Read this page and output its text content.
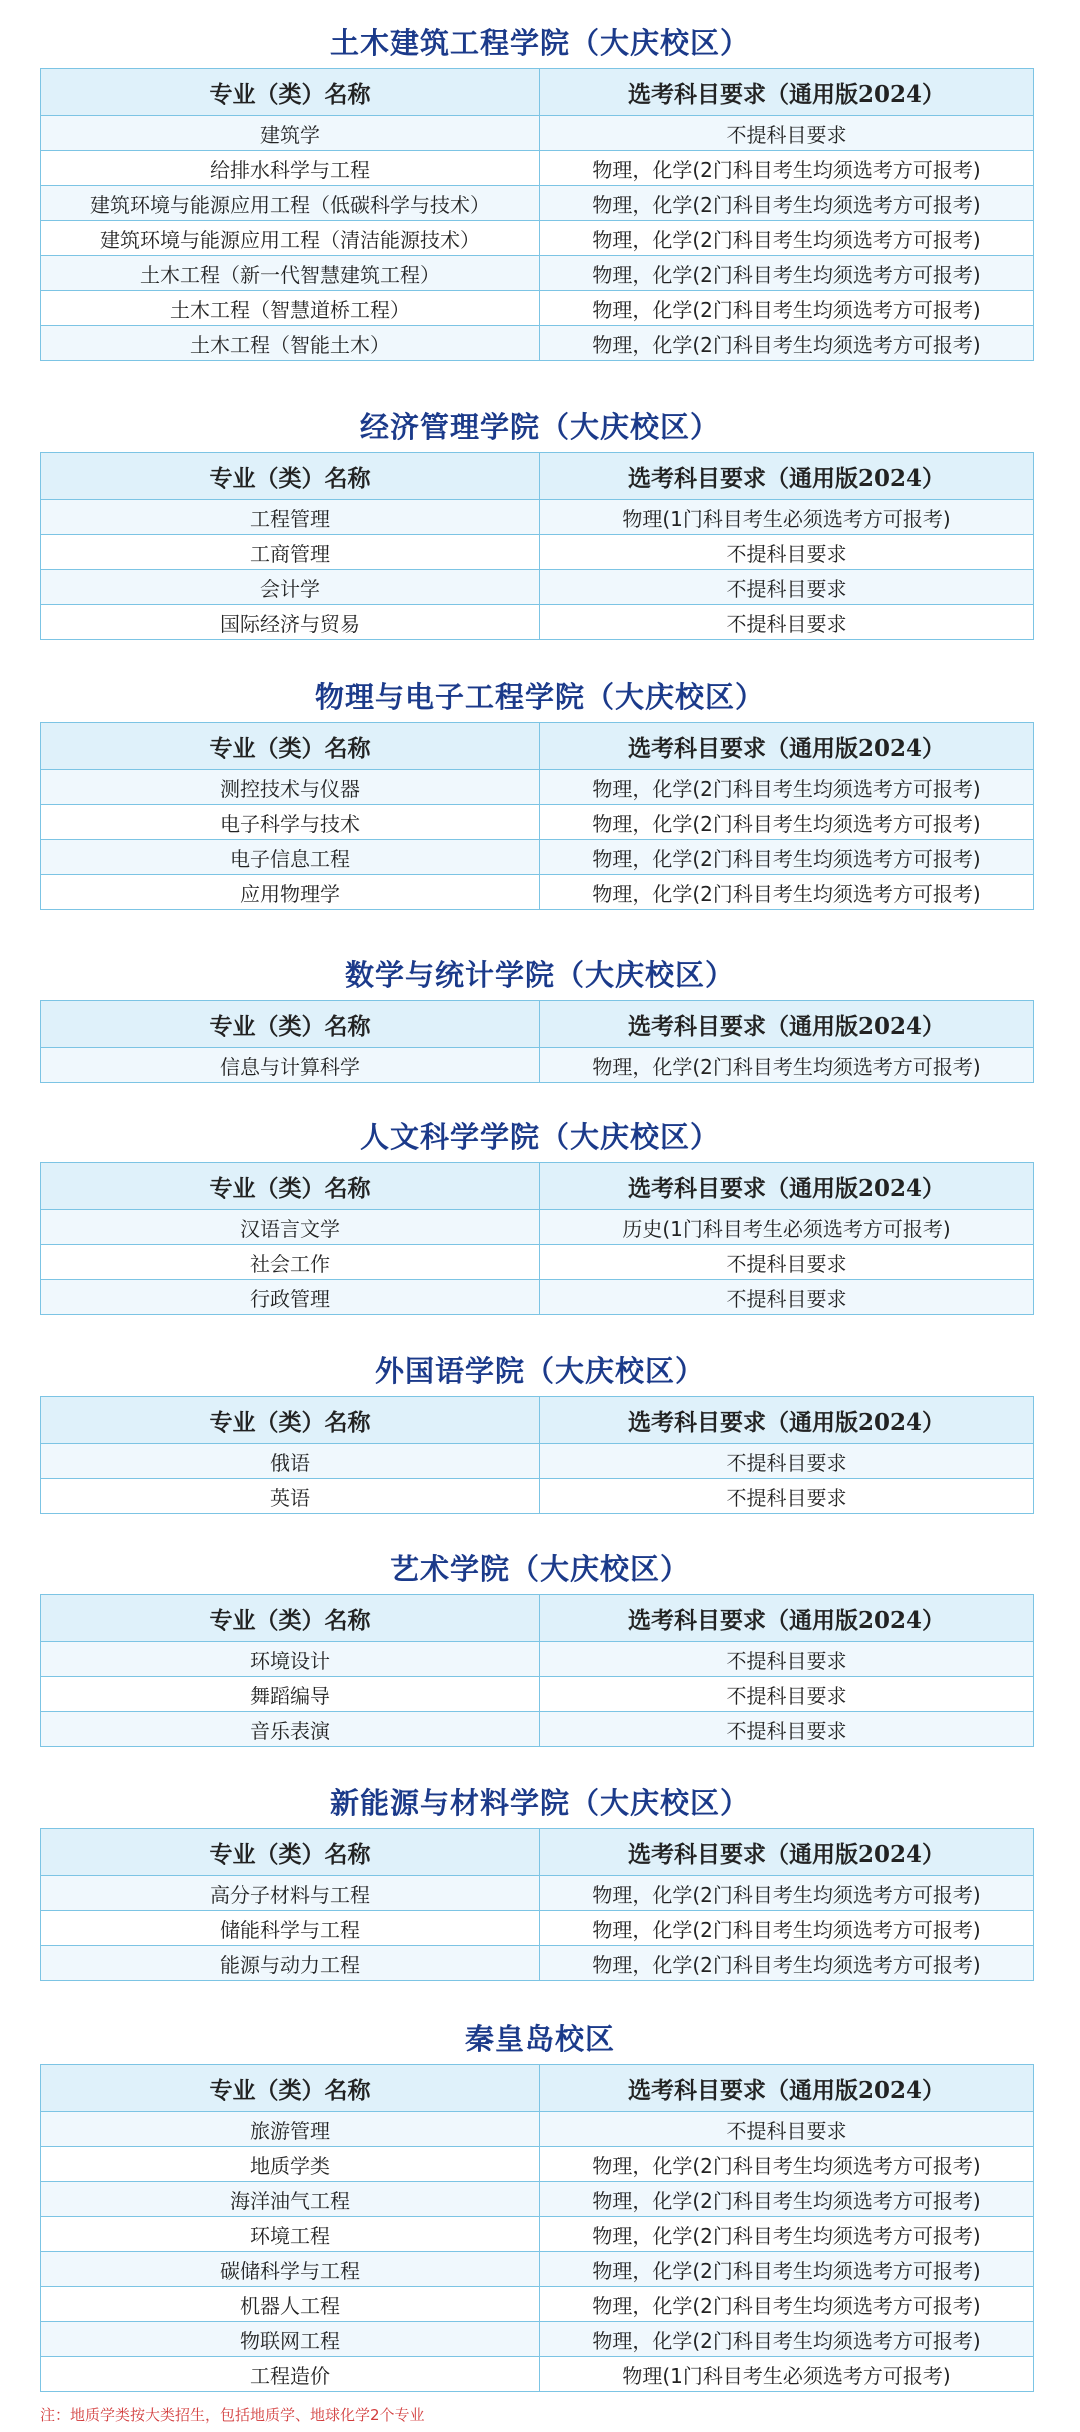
土木建筑工程学院（大庆校区）
专业（类）名称	选考科目要求（通用版2024）
建筑学	不提科目要求
给排水科学与工程	物理，化学(2门科目考生均须选考方可报考)
建筑环境与能源应用工程（低碳科学与技术）	物理，化学(2门科目考生均须选考方可报考)
建筑环境与能源应用工程（清洁能源技术）	物理，化学(2门科目考生均须选考方可报考)
土木工程（新一代智慧建筑工程）	物理，化学(2门科目考生均须选考方可报考)
土木工程（智慧道桥工程）	物理，化学(2门科目考生均须选考方可报考)
土木工程（智能土木）	物理，化学(2门科目考生均须选考方可报考)
经济管理学院（大庆校区）
专业（类）名称	选考科目要求（通用版2024）
工程管理	物理(1门科目考生必须选考方可报考)
工商管理	不提科目要求
会计学	不提科目要求
国际经济与贸易	不提科目要求
物理与电子工程学院（大庆校区）
专业（类）名称	选考科目要求（通用版2024）
测控技术与仪器	物理，化学(2门科目考生均须选考方可报考)
电子科学与技术	物理，化学(2门科目考生均须选考方可报考)
电子信息工程	物理，化学(2门科目考生均须选考方可报考)
应用物理学	物理，化学(2门科目考生均须选考方可报考)
数学与统计学院（大庆校区）
专业（类）名称	选考科目要求（通用版2024）
信息与计算科学	物理，化学(2门科目考生均须选考方可报考)
人文科学学院（大庆校区）
专业（类）名称	选考科目要求（通用版2024）
汉语言文学	历史(1门科目考生必须选考方可报考)
社会工作	不提科目要求
行政管理	不提科目要求
外国语学院（大庆校区）
专业（类）名称	选考科目要求（通用版2024）
俄语	不提科目要求
英语	不提科目要求
艺术学院（大庆校区）
专业（类）名称	选考科目要求（通用版2024）
环境设计	不提科目要求
舞蹈编导	不提科目要求
音乐表演	不提科目要求
新能源与材料学院（大庆校区）
专业（类）名称	选考科目要求（通用版2024）
高分子材料与工程	物理，化学(2门科目考生均须选考方可报考)
储能科学与工程	物理，化学(2门科目考生均须选考方可报考)
能源与动力工程	物理，化学(2门科目考生均须选考方可报考)
秦皇岛校区
专业（类）名称	选考科目要求（通用版2024）
旅游管理	不提科目要求
地质学类	物理，化学(2门科目考生均须选考方可报考)
海洋油气工程	物理，化学(2门科目考生均须选考方可报考)
环境工程	物理，化学(2门科目考生均须选考方可报考)
碳储科学与工程	物理，化学(2门科目考生均须选考方可报考)
机器人工程	物理，化学(2门科目考生均须选考方可报考)
物联网工程	物理，化学(2门科目考生均须选考方可报考)
工程造价	物理(1门科目考生必须选考方可报考)
注：地质学类按大类招生，包括地质学、地球化学2个专业
